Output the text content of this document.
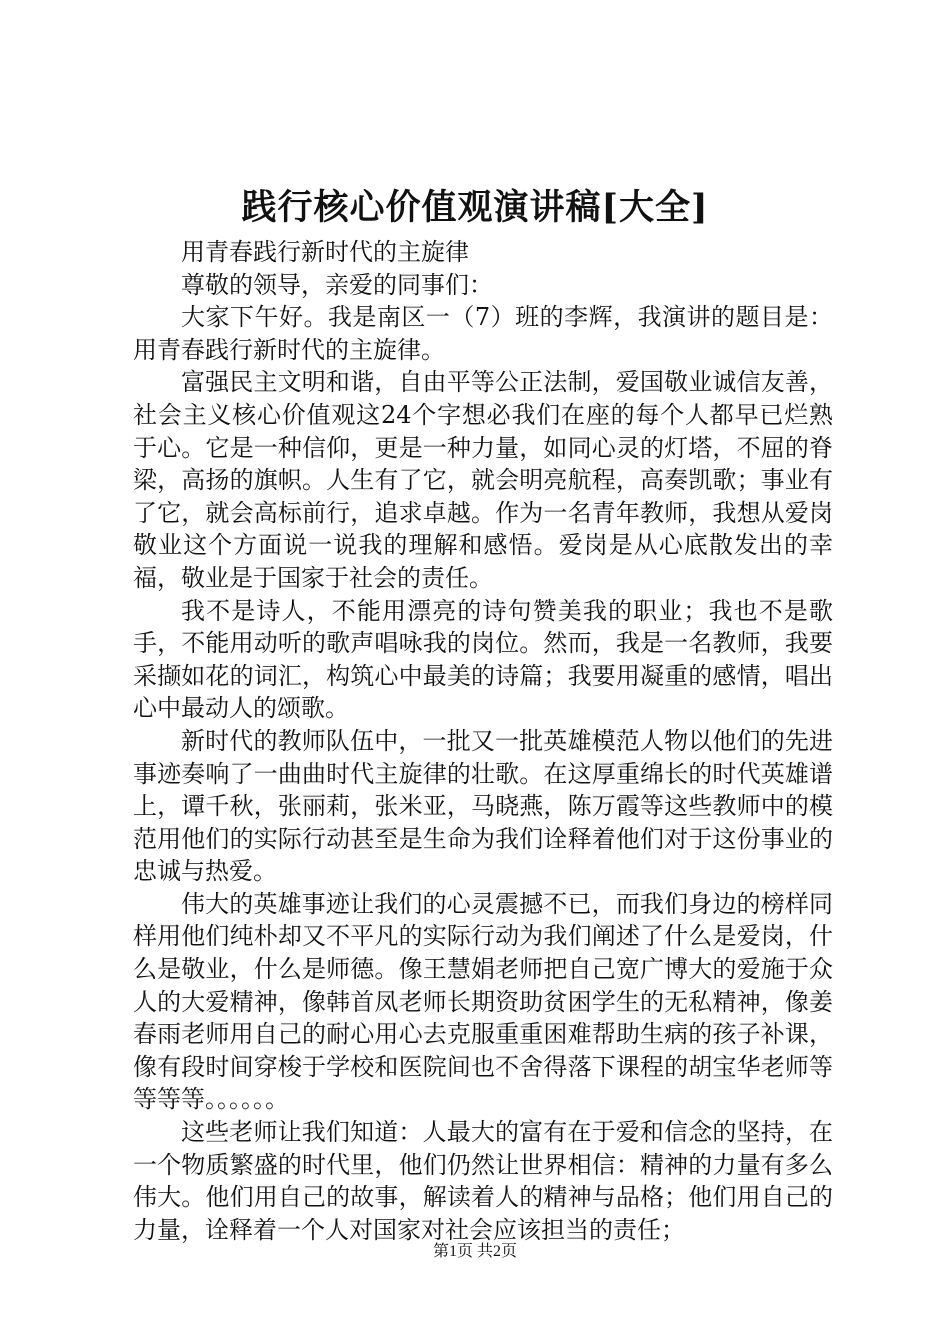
践行核心价值观演讲稿[大全]

用青春践行新时代的主旋律

尊敬的领导，亲爱的同事们：

大家下午好。我是南区一（7）班的李辉，我演讲的题目是：用青春践行新时代的主旋律。

富强民主文明和谐，自由平等公正法制，爱国敬业诚信友善，社会主义核心价值观这24个字想必我们在座的每个人都早已烂熟于心。它是一种信仰，更是一种力量，如同心灵的灯塔，不屈的脊梁，高扬的旗帜。人生有了它，就会明亮航程，高奏凯歌；事业有了它，就会高标前行，追求卓越。作为一名青年教师，我想从爱岗敬业这个方面说一说我的理解和感悟。爱岗是从心底散发出的幸福，敬业是于国家于社会的责任。

我不是诗人，不能用漂亮的诗句赞美我的职业；我也不是歌手，不能用动听的歌声唱咏我的岗位。然而，我是一名教师，我要采撷如花的词汇，构筑心中最美的诗篇；我要用凝重的感情，唱出心中最动人的颂歌。

新时代的教师队伍中，一批又一批英雄模范人物以他们的先进事迹奏响了一曲曲时代主旋律的壮歌。在这厚重绵长的时代英雄谱上，谭千秋，张丽莉，张米亚，马晓燕，陈万霞等这些教师中的模范用他们的实际行动甚至是生命为我们诠释着他们对于这份事业的忠诚与热爱。

伟大的英雄事迹让我们的心灵震撼不已，而我们身边的榜样同样用他们纯朴却又不平凡的实际行动为我们阐述了什么是爱岗，什么是敬业，什么是师德。像王慧娟老师把自己宽广博大的爱施于众人的大爱精神，像韩首凤老师长期资助贫困学生的无私精神，像姜春雨老师用自己的耐心用心去克服重重困难帮助生病的孩子补课，像有段时间穿梭于学校和医院间也不舍得落下课程的胡宝华老师等等等等。。。。。。

这些老师让我们知道：人最大的富有在于爱和信念的坚持，在一个物质繁盛的时代里，他们仍然让世界相信：精神的力量有多么伟大。他们用自己的故事，解读着人的精神与品格；他们用自己的力量，诠释着一个人对国家对社会应该担当的责任；

第1页 共2页
